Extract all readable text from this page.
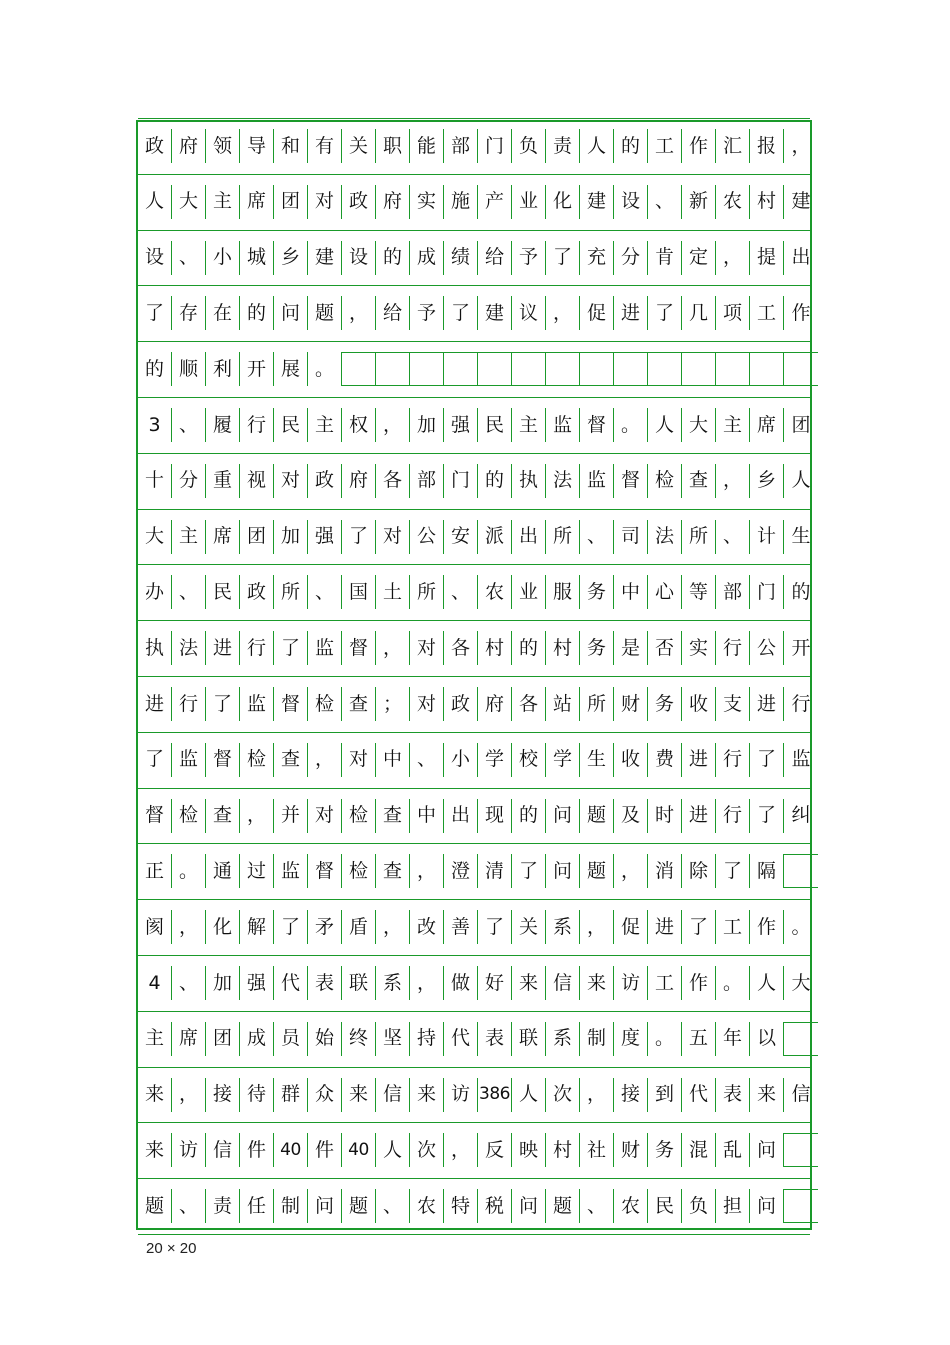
政 府 领 导 和 有 关 职 能 部 门 负 责 人 的 工 作 汇 报 ，
人 大 主 席 团 对 政 府 实 施 产 业 化 建 设 、 新 农 村 建
设 、 小 城 乡 建 设 的 成 绩 给 予 了 充 分 肯 定 ， 提 出
了 存 在 的 问 题 ， 给 予 了 建 议 ， 促 进 了 几 项 工 作
的 顺 利 开 展 。
3 、 履 行 民 主 权 ， 加 强 民 主 监 督 。 人 大 主 席 团
十 分 重 视 对 政 府 各 部 门 的 执 法 监 督 检 查 ， 乡 人
大 主 席 团 加 强 了 对 公 安 派 出 所 、 司 法 所 、 计 生
办 、 民 政 所 、 国 土 所 、 农 业 服 务 中 心 等 部 门 的
执 法 进 行 了 监 督 ， 对 各 村 的 村 务 是 否 实 行 公 开
进 行 了 监 督 检 查 ； 对 政 府 各 站 所 财 务 收 支 进 行
了 监 督 检 查 ， 对 中 、 小 学 校 学 生 收 费 进 行 了 监
督 检 查 ， 并 对 检 查 中 出 现 的 问 题 及 时 进 行 了 纠
正 。 通 过 监 督 检 查 ， 澄 清 了 问 题 ， 消 除 了 隔
阂 ， 化 解 了 矛 盾 ， 改 善 了 关 系 ， 促 进 了 工 作 。
4 、 加 强 代 表 联 系 ， 做 好 来 信 来 访 工 作 。 人 大
主 席 团 成 员 始 终 坚 持 代 表 联 系 制 度 。 五 年 以
来 ， 接 待 群 众 来 信 来 访 386 人 次 ， 接 到 代 表 来 信
来 访 信 件 40 件 40 人 次 ， 反 映 村 社 财 务 混 乱 问
题 、 责 任 制 问 题 、 农 特 税 问 题 、 农 民 负 担 问
20 × 20
